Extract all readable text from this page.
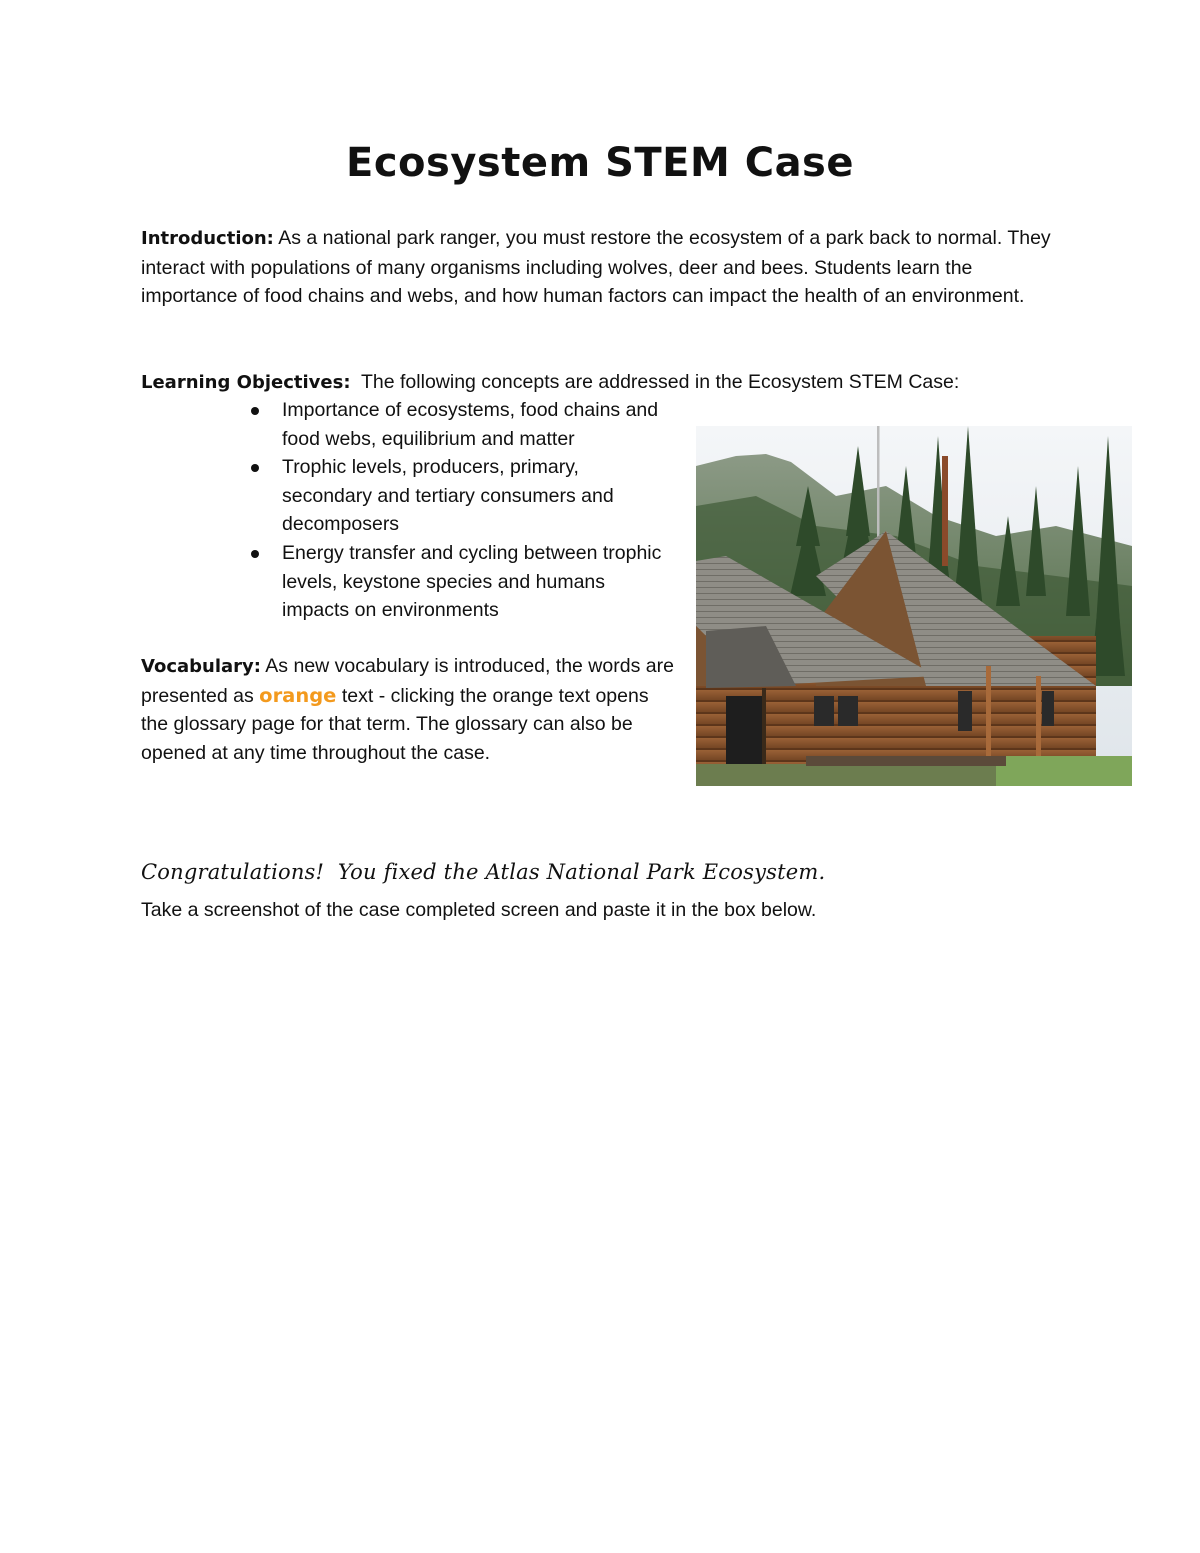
Ecosystem STEM Case
Introduction: As a national park ranger, you must restore the ecosystem of a park back to normal. They interact with populations of many organisms including wolves, deer and bees. Students learn the importance of food chains and webs, and how human factors can impact the health of an environment.
Learning Objectives:  The following concepts are addressed in the Ecosystem STEM Case:
Importance of ecosystems, food chains and food webs, equilibrium and matter
Trophic levels, producers, primary, secondary and tertiary consumers and decomposers
Energy transfer and cycling between trophic levels, keystone species and humans impacts on environments
Vocabulary: As new vocabulary is introduced, the words are presented as orange text - clicking the orange text opens the glossary page for that term. The glossary can also be opened at any time throughout the case.
Congratulations!  You fixed the Atlas National Park Ecosystem.
Take a screenshot of the case completed screen and paste it in the box below.
